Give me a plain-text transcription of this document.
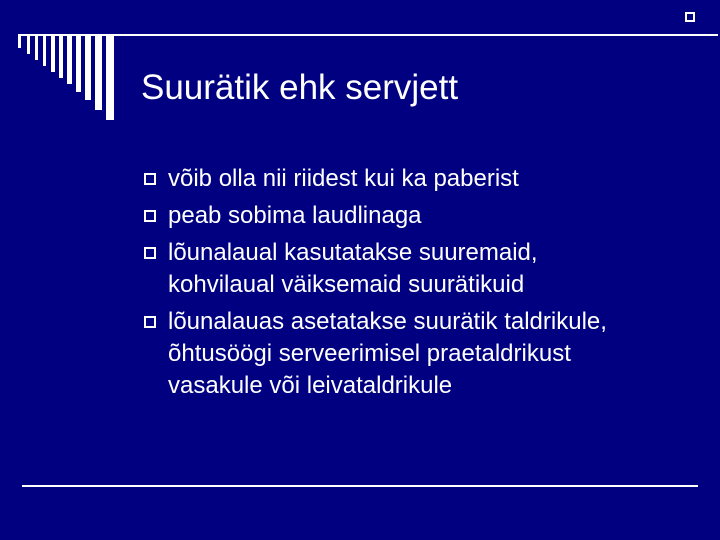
Suurätik ehk servjett
võib olla nii riidest kui ka paberist
peab sobima laudlinaga
lõunalaual kasutatakse suuremaid,
kohvilaual väiksemaid suurätikuid
lõunalauas asetatakse suurätik taldrikule,
õhtusöögi serveerimisel praetaldrikust
vasakule või leivataldrikule
